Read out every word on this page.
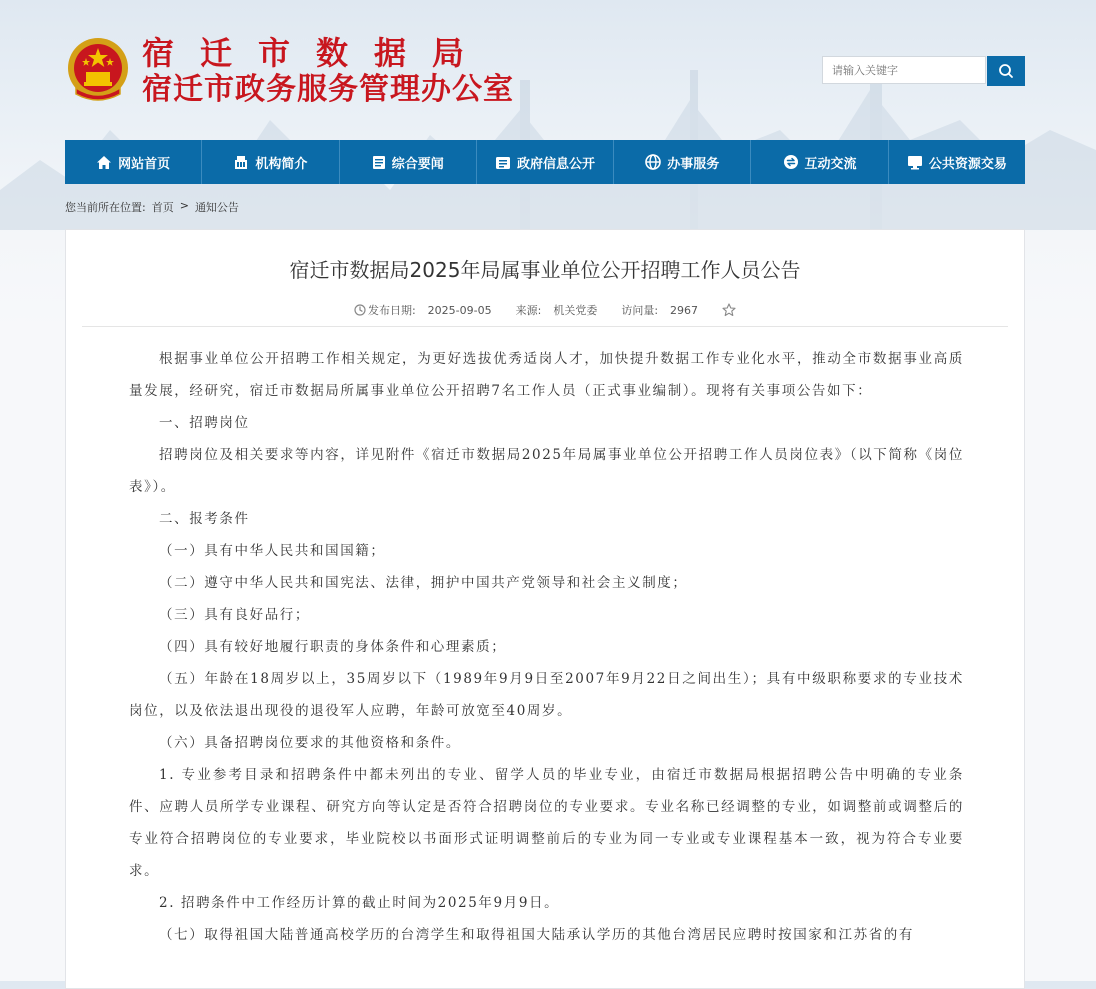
宿迁市数据局
宿迁市政务服务管理办公室
请输入关键字
网站首页	机构简介	综合要闻	政府信息公开	办事服务	互动交流	公共资源交易
您当前所在位置: 首页 > 通知公告
宿迁市数据局2025年局属事业单位公开招聘工作人员公告
发布日期: 2025-09-05 来源: 机关党委 访问量: 2967

根据事业单位公开招聘工作相关规定，为更好选拔优秀适岗人才，加快提升数据工作专业化水平，推动全市数据事业高质量发展，经研究，宿迁市数据局所属事业单位公开招聘7名工作人员（正式事业编制）。现将有关事项公告如下：

一、招聘岗位

招聘岗位及相关要求等内容，详见附件《宿迁市数据局2025年局属事业单位公开招聘工作人员岗位表》（以下简称《岗位表》）。

二、报考条件

（一）具有中华人民共和国国籍；

（二）遵守中华人民共和国宪法、法律，拥护中国共产党领导和社会主义制度；

（三）具有良好品行；

（四）具有较好地履行职责的身体条件和心理素质；

（五）年龄在18周岁以上，35周岁以下（1989年9月9日至2007年9月22日之间出生）；具有中级职称要求的专业技术岗位，以及依法退出现役的退役军人应聘，年龄可放宽至40周岁。

（六）具备招聘岗位要求的其他资格和条件。

1. 专业参考目录和招聘条件中都未列出的专业、留学人员的毕业专业，由宿迁市数据局根据招聘公告中明确的专业条件、应聘人员所学专业课程、研究方向等认定是否符合招聘岗位的专业要求。专业名称已经调整的专业，如调整前或调整后的专业符合招聘岗位的专业要求，毕业院校以书面形式证明调整前后的专业为同一专业或专业课程基本一致，视为符合专业要求。

2. 招聘条件中工作经历计算的截止时间为2025年9月9日。

（七）取得祖国大陆普通高校学历的台湾学生和取得祖国大陆承认学历的其他台湾居民应聘时按国家和江苏省的有
